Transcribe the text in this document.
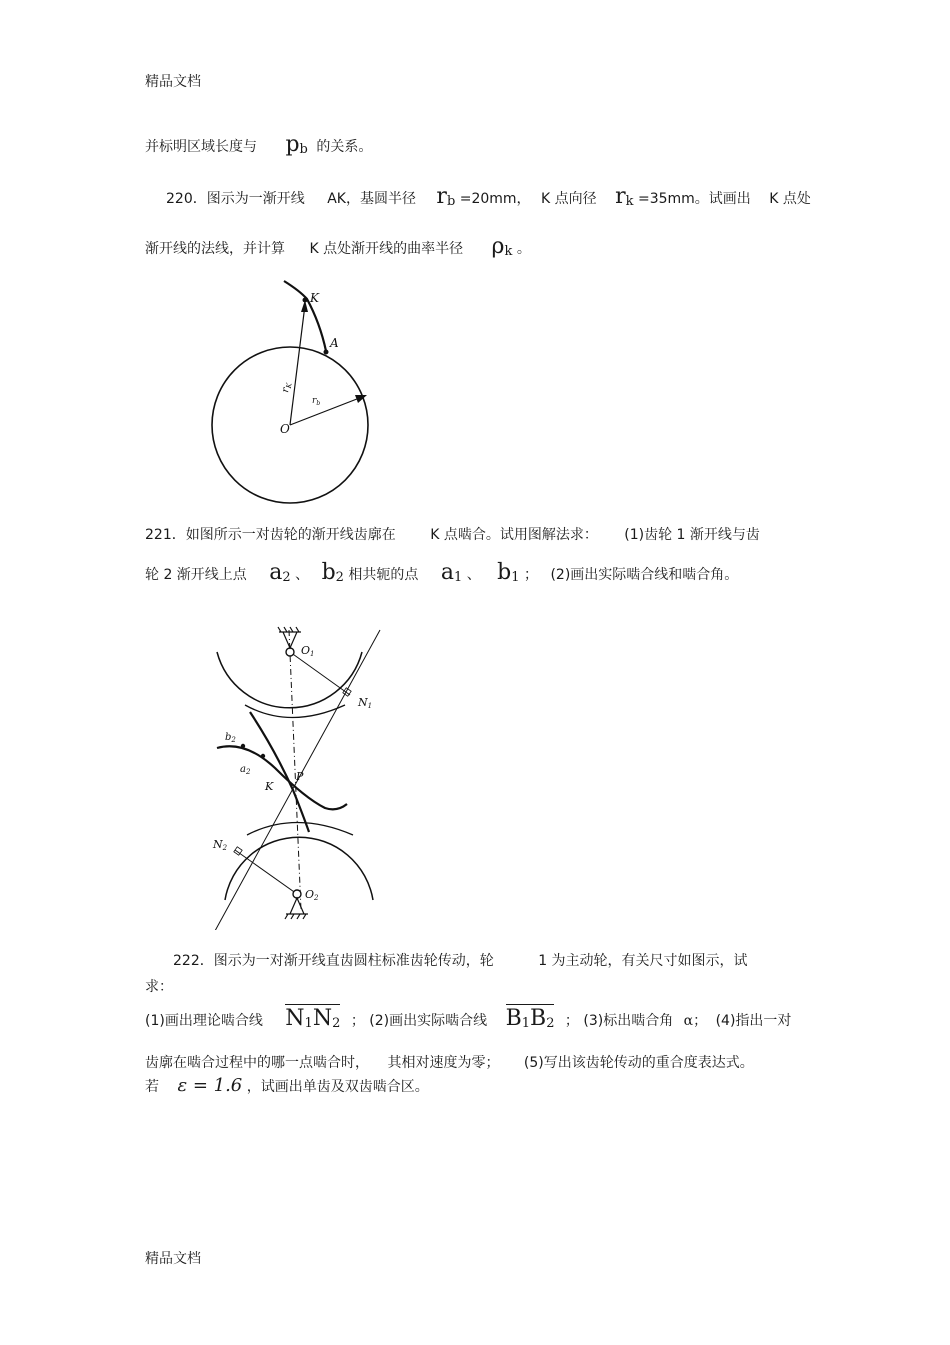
精品文档
并标明区域长度与 $p_b$ 的关系。
220．图示为一渐开线 AK，基圆半径 $r_b =20mm$， K 点向径 $r_k =35mm$。试画出 K 点处
渐开线的法线，并计算 K 点处渐开线的曲率半径 $\rho_k$ 。
K
A
O
$r_K$
$r_b$
221．如图所示一对齿轮的渐开线齿廓在 K 点啮合。试用图解法求： (1)齿轮 1 渐开线与齿
轮 2 渐开线上点 $a_2$ 、 $b_2$ 相共轭的点 $a_1$ 、 $b_1$ ； (2)画出实际啮合线和啮合角。
O1
N1
$b_2$
$a_2$	P
K
N2
O2
222．图示为一对渐开线直齿圆柱标准齿轮传动，轮	1 为主动轮，有关尺寸如图示，试
求：
(1)画出理论啮合线 $N_1N_2$ ； (2)画出实际啮合线 $B_1B_2$ ； (3)标出啮合角 α； (4)指出一对
齿廓在啮合过程中的哪一点啮合时， 其相对速度为零； (5)写出该齿轮传动的重合度表达式。
若 ε = 1.6 ，试画出单齿及双齿啮合区。
精品文档
